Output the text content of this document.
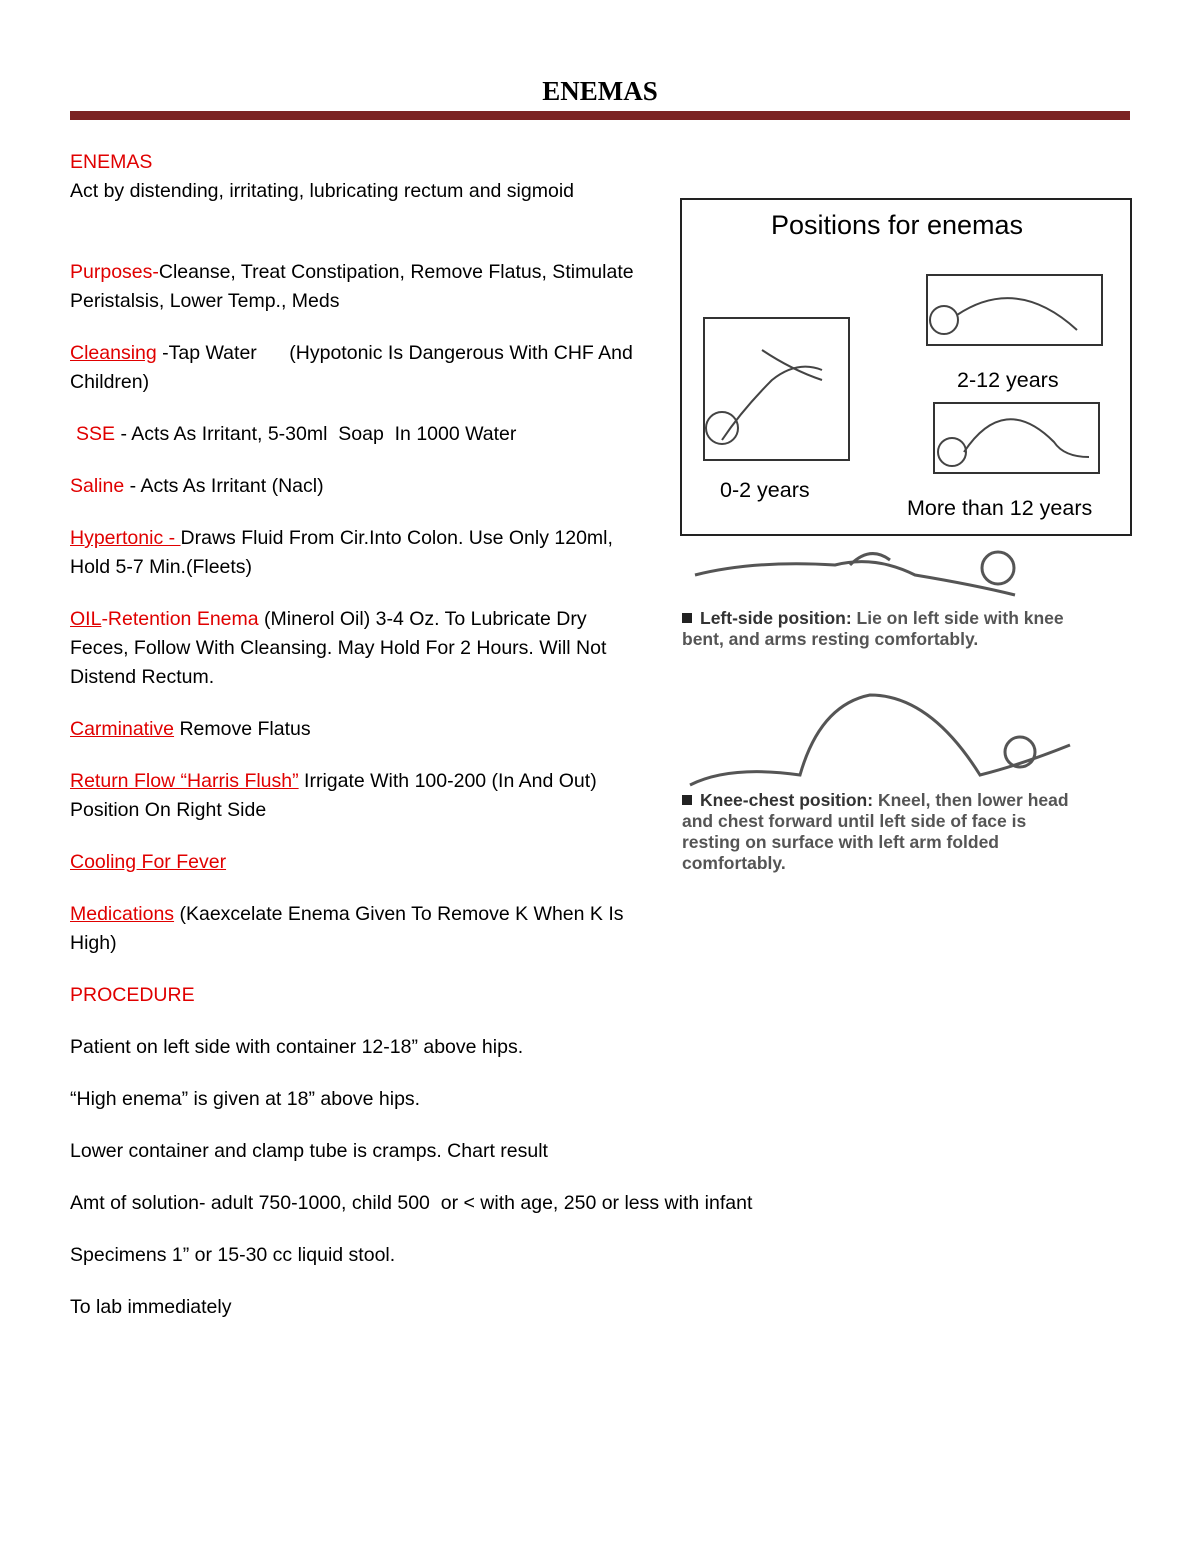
ENEMAS

ENEMAS
Act by distending, irritating, lubricating rectum and sigmoid

Purposes-Cleanse, Treat Constipation, Remove Flatus, Stimulate Peristalsis, Lower Temp., Meds

Cleansing -Tap Water      (Hypotonic Is Dangerous With CHF And Children)

SSE - Acts As Irritant, 5-30ml  Soap  In 1000 Water

Saline - Acts As Irritant (Nacl)

Hypertonic - Draws Fluid From Cir.Into Colon. Use Only 120ml, Hold 5-7 Min.(Fleets)

OIL-Retention Enema (Minerol Oil) 3-4 Oz. To Lubricate Dry Feces, Follow With Cleansing. May Hold For 2 Hours. Will Not Distend Rectum.

Carminative Remove Flatus

Return Flow “Harris Flush” Irrigate With 100-200 (In And Out) Position On Right Side

Cooling For Fever

Medications (Kaexcelate Enema Given To Remove K When K Is High)

PROCEDURE

Patient on left side with container 12-18” above hips.

“High enema” is given at 18” above hips.

Lower container and clamp tube is cramps. Chart result

Amt of solution- adult 750-1000, child 500  or < with age, 250 or less with infant

Specimens 1” or 15-30 cc liquid stool.

To lab immediately

Positions for enemas
0-2 years
2-12 years
More than 12 years
Left-side position: Lie on left side with knee bent, and arms resting comfortably.
Knee-chest position: Kneel, then lower head and chest forward until left side of face is resting on surface with left arm folded comfortably.
